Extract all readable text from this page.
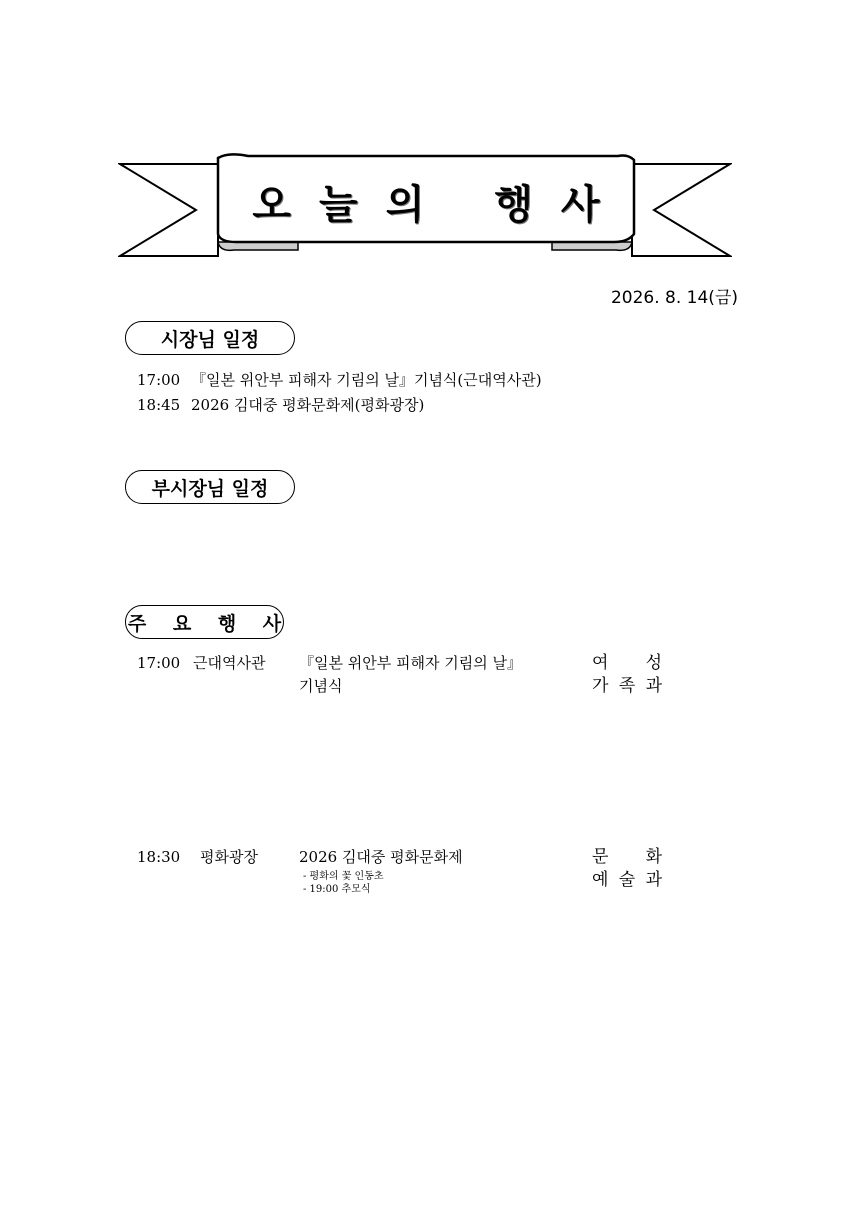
오늘의 행사
2026. 8. 14(금)
시장님 일정
17:00 『일본 위안부 피해자 기림의 날』기념식(근대역사관)
18:45 2026 김대중 평화문화제(평화광장)
부시장님 일정
주 요 행 사
17:00 근대역사관 『일본 위안부 피해자 기림의 날』
기념식
여 성
가 족 과
18:30 평화광장	2026 김대중 평화문화제
- 평화의 꽃 인동초
- 19:00 추모식
문 화
예 술 과
